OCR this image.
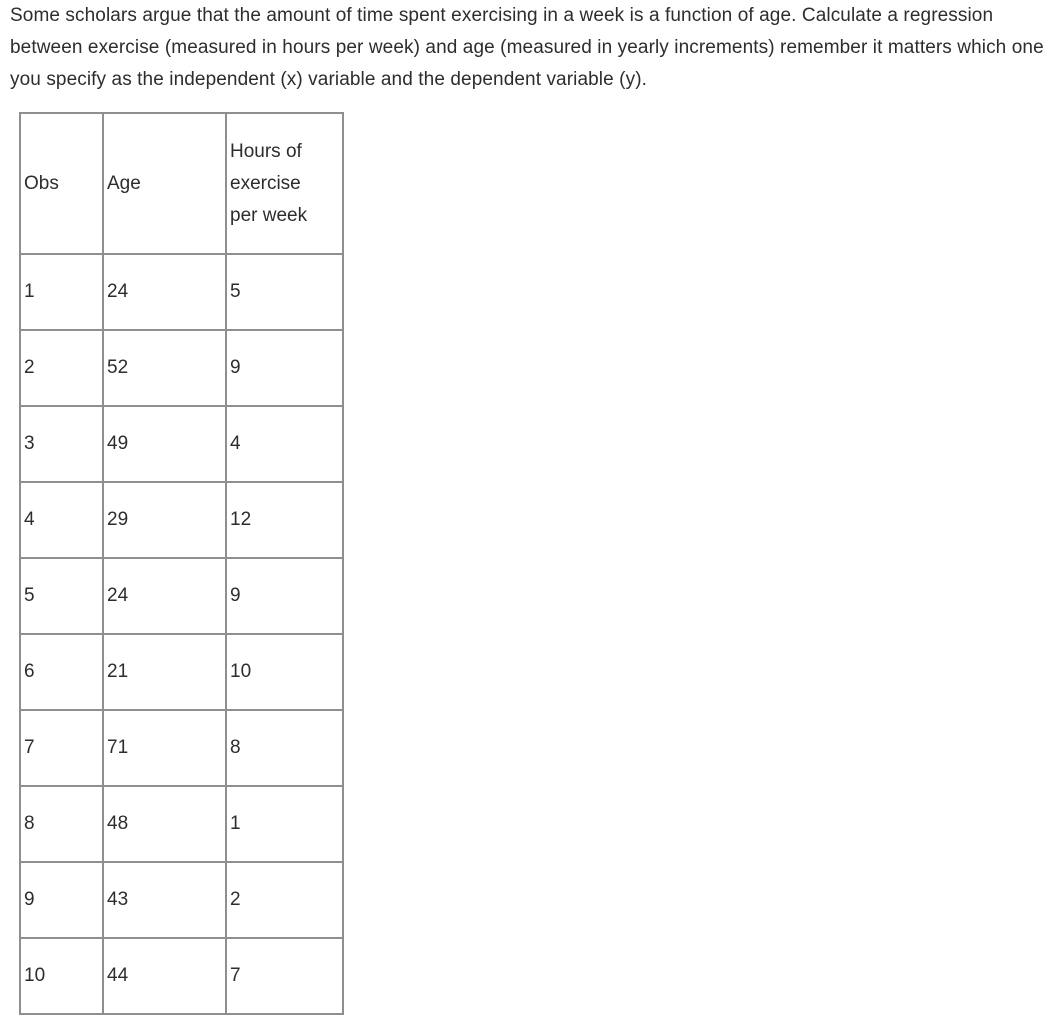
Some scholars argue that the amount of time spent exercising in a week is a function of age. Calculate a regression between exercise (measured in hours per week) and age (measured in yearly increments) remember it matters which one you specify as the independent (x) variable and the dependent variable (y).

Obs	Age	Hours of
exercise
per week

1	24	5
2	52	9
3	49	4
4	29	12
5	24	9
6	21	10
7	71	8
8	48	1
9	43	2
10	44	7
